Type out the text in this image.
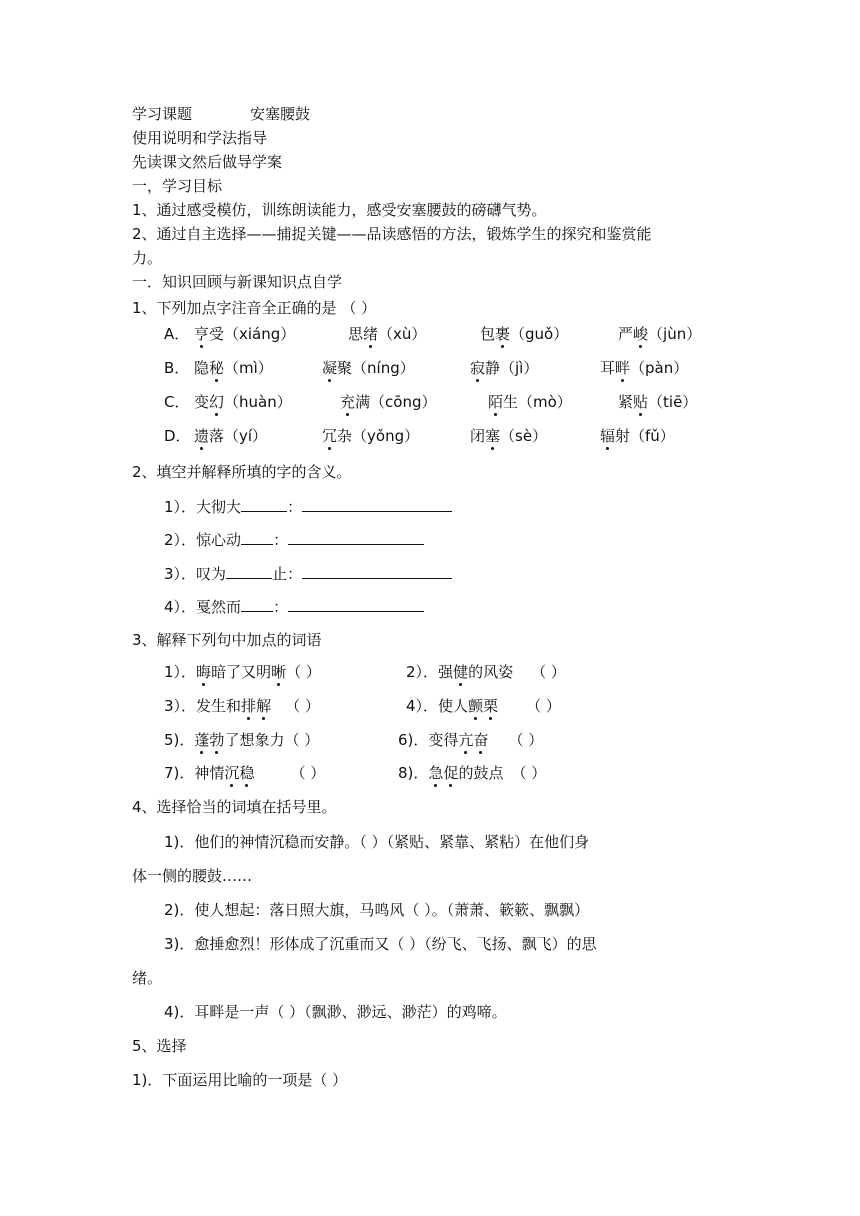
学习课题	安塞腰鼓
使用说明和学法指导
先读课文然后做导学案
一，学习目标
1、通过感受模仿，训练朗读能力，感受安塞腰鼓的磅礴气势。
2、通过自主选择——捕捉关键——品读感悟的方法，锻炼学生的探究和鉴赏能
力。
一．知识回顾与新课知识点自学
1、下列加点字注音全正确的是 （ ）
A． 亨受（xiáng）	思绪（xù）	包裹（guǒ）	严峻（jùn）
B． 隐秘（mì）	凝聚（níng）	寂静（jì）	耳畔（pàn）
C． 变幻（huàn）	充满（cōng）	陌生（mò）	紧贴（tiē）
D． 遗落（yí）	冗杂（yǒng）	闭塞（sè）	辐射（fǔ）
2、填空并解释所填的字的含义。
1）．大彻大	：
2）．惊心动 ：
3）．叹为	止：
4）．戛然而 ：
3、解释下列句中加点的词语
1）．晦暗了又明晰（ ）	2）．强健的风姿 （ ）
3）．发生和排解 （ ）	4）．使人颤栗 （ ）
5)．蓬勃了想象力（ ）	6)．变得亢奋 （ ）
7)．神情沉稳 （ ）	8)．急促的鼓点 （ ）
4、选择恰当的词填在括号里。
1)．他们的神情沉稳而安静。（ ）（紧贴、紧靠、紧粘）在他们身
体一侧的腰鼓……
2)．使人想起：落日照大旗，马鸣风（ ）。（萧萧、簌簌、飘飘）
3)．愈捶愈烈！形体成了沉重而又（ ）（纷飞、飞扬、飘飞）的思
绪。
4)．耳畔是一声（ ）（飘渺、渺远、渺茫）的鸡啼。
5、选择
1)．下面运用比喻的一项是（ ）
